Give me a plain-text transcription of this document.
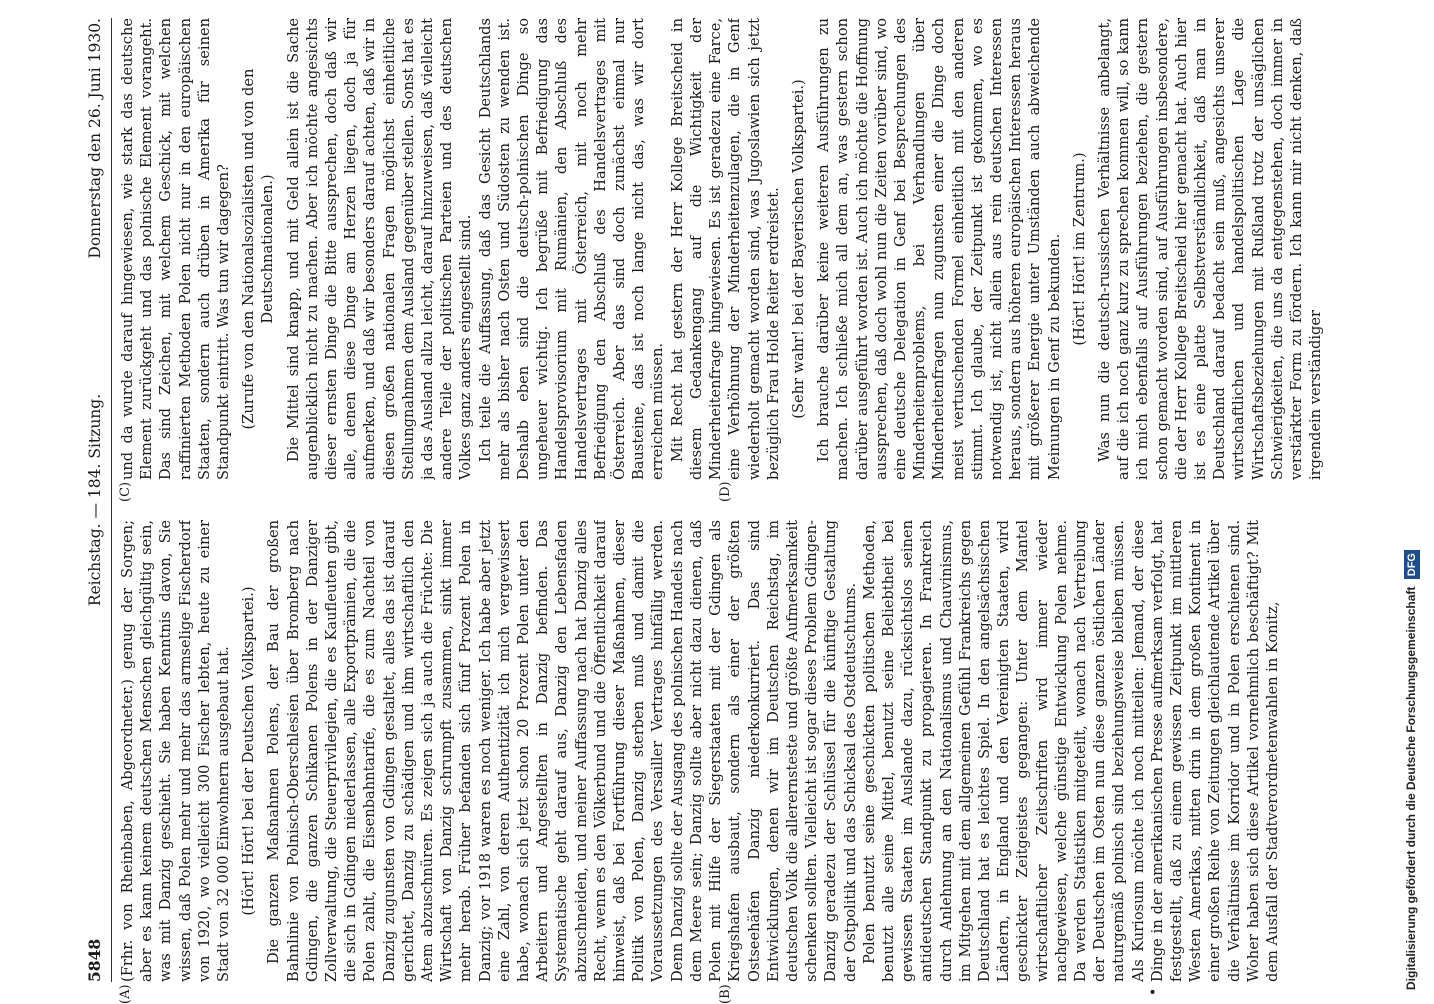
5848
Reichstag. — 184. Sitzung.
Donnerstag den 26. Juni 1930.
(A)	(B)
(C)	(D)
•

(Frhr. von Rheinbaben, Abgeordneter.) genug der Sorgen; aber es kann keinem deutschen Menschen gleichgültig sein, was mit Danzig geschieht. Sie haben Kenntnis davon, Sie wissen, daß Polen mehr und mehr das armselige Fischerdorf von 1920, wo vielleicht 300 Fischer lebten, heute zu einer Stadt von 32 000 Einwohnern ausgebaut hat. (Hört! Hört! bei der Deutschen Volkspartei.) Die ganzen Maßnahmen Polens, der Bau der großen Bahnlinie von Polnisch-Oberschlesien über Bromberg nach Gdingen, die ganzen Schikanen Polens in der Danziger Zollverwaltung, die Steuerprivilegien, die es Kaufleuten gibt, die sich in Gdingen niederlassen, alle Exportprämien, die die Polen zahlt, die Eisenbahntarife, die es zum Nachteil von Danzig zugunsten von Gdingen gestaltet, alles das ist darauf gerichtet, Danzig zu schädigen und ihm wirtschaftlich den Atem abzuschnüren. Es zeigen sich ja auch die Früchte: Die Wirtschaft von Danzig schrumpft zusammen, sinkt immer mehr herab. Früher befanden sich fünf Prozent Polen in Danzig; vor 1918 waren es noch weniger. Ich habe aber jetzt eine Zahl, von deren Authentizität ich mich vergewissert habe, wonach sich jetzt schon 20 Prozent Polen unter den Arbeitern und Angestellten in Danzig befinden. Das Systematische geht darauf aus, Danzig den Lebensfaden abzuschneiden, und meiner Auffassung nach hat Danzig alles Recht, wenn es den Völkerbund und die Öffentlichkeit darauf hinweist, daß bei Fortführung dieser Maßnahmen, dieser Politik von Polen, Danzig sterben muß und damit die Voraussetzungen des Versailler Vertrages hinfällig werden. Denn Danzig sollte der Ausgang des polnischen Handels nach dem Meere sein; Danzig sollte aber nicht dazu dienen, daß Polen mit Hilfe der Siegerstaaten mit der Gdingen als Kriegshafen ausbaut, sondern als einer der größten Ostseehäfen Danzig niederkonkurriert. Das sind Entwicklungen, denen wir im Deutschen Reichstag, im deutschen Volk die allerernsteste und größte Aufmerksamkeit schenken sollten. Vielleicht ist sogar dieses Problem Gdingen-Danzig geradezu der Schlüssel für die künftige Gestaltung der Ostpolitik und das Schicksal des Ostdeutschtums. Polen benutzt seine geschickten politischen Methoden, benutzt alle seine Mittel, benutzt seine Beliebtheit bei gewissen Staaten im Auslande dazu, rücksichtslos seinen antideutschen Standpunkt zu propagieren. In Frankreich durch Anlehnung an den Nationalismus und Chauvinismus, im Mitgehen mit dem allgemeinen Gefühl Frankreichs gegen Deutschland hat es leichtes Spiel. In den angelsächsischen Ländern, in England und den Vereinigten Staaten, wird geschickter Zeitgeistes gegangen: Unter dem Mantel wirtschaftlicher Zeitschriften wird immer wieder nachgewiesen, welche günstige Entwicklung Polen nehme. Da werden Statistiken mitgeteilt, wonach nach Vertreibung der Deutschen im Osten nun diese ganzen östlichen Länder naturgemäß polnisch sind beziehungsweise bleiben müssen. Als Kuriosum möchte ich noch mitteilen: Jemand, der diese Dinge in der amerikanischen Presse aufmerksam verfolgt, hat festgestellt, daß zu einem gewissen Zeitpunkt im mittleren Westen Amerikas, mitten drin in dem großen Kontinent in einer großen Reihe von Zeitungen gleichlautende Artikel über die Verhältnisse im Korridor und in Polen erschienen sind. Woher haben sich diese Artikel vornehmlich beschäftigt? Mit dem Ausfall der Stadtverordnetenwahlen in Konitz,

und da wurde darauf hingewiesen, wie stark das deutsche Element zurückgeht und das polnische Element vorangeht. Das sind Zeichen, mit welchem Geschick, mit welchen raffinierten Methoden Polen nicht nur in den europäischen Staaten, sondern auch drüben in Amerika für seinen Standpunkt eintritt. Was tun wir dagegen? (Zurufe von den Nationalsozialisten und von den Deutschnationalen.) Die Mittel sind knapp, und mit Geld allein ist die Sache augenblicklich nicht zu machen. Aber ich möchte angesichts dieser ernsten Dinge die Bitte aussprechen, doch daß wir alle, denen diese Dinge am Herzen liegen, doch ja für aufmerken, und daß wir besonders darauf achten, daß wir in diesen großen nationalen Fragen möglichst einheitliche Stellungnahmen dem Ausland gegenüber stellen. Sonst hat es ja das Ausland allzu leicht, darauf hinzuweisen, daß vielleicht andere Teile der politischen Parteien und des deutschen Volkes ganz anders eingestellt sind. Ich teile die Auffassung, daß das Gesicht Deutschlands mehr als bisher nach Osten und Südosten zu wenden ist. Deshalb eben sind die deutsch-polnischen Dinge so ungeheuer wichtig. Ich begrüße mit Befriedigung das Handelsprovisorium mit Rumänien, den Abschluß des Handelsvertrages mit Österreich, mit noch mehr Befriedigung den Abschluß des Handelsvertrages mit Österreich. Aber das sind doch zunächst einmal nur Bausteine, das ist noch lange nicht das, was wir dort erreichen müssen. Mit Recht hat gestern der Herr Kollege Breitscheid in diesem Gedankengang auf die Wichtigkeit der Minderheitenfrage hingewiesen. Es ist geradezu eine Farce, eine Verhöhnung der Minderheitenzulagen, die in Genf wiederholt gemacht worden sind, was Jugoslawien sich jetzt bezüglich Frau Holde Reiter erdreistet. (Sehr wahr! bei der Bayerischen Volkspartei.) Ich brauche darüber keine weiteren Ausführungen zu machen. Ich schließe mich all dem an, was gestern schon darüber ausgeführt worden ist. Auch ich möchte die Hoffnung aussprechen, daß doch wohl nun die Zeiten vorüber sind, wo eine deutsche Delegation in Genf bei Besprechungen des Minderheitenproblems, bei Verhandlungen über Minderheitenfragen nun zugunsten einer die Dinge doch meist vertuschenden Formel einheitlich mit den anderen stimmt. Ich glaube, der Zeitpunkt ist gekommen, wo es notwendig ist, nicht allein aus rein deutschen Interessen heraus, sondern aus höheren europäischen Interessen heraus mit größerer Energie unter Umständen auch abweichende Meinungen in Genf zu bekunden. (Hört! Hört! im Zentrum.) Was nun die deutsch-russischen Verhältnisse anbelangt, auf die ich noch ganz kurz zu sprechen kommen will, so kann ich mich ebenfalls auf Ausführungen beziehen, die gestern schon gemacht worden sind, auf Ausführungen insbesondere, die der Herr Kollege Breitscheid hier gemacht hat. Auch hier ist es eine platte Selbstverständlichkeit, daß man in Deutschland darauf bedacht sein muß, angesichts unserer wirtschaftlichen und handelspolitischen Lage die Wirtschaftsbeziehungen mit Rußland trotz der unsäglichen Schwierigkeiten, die uns da entgegenstehen, doch immer in verstärkter Form zu fördern. Ich kann mir nicht denken, daß irgendein verständiger

Digitalisierung gefördert durch die Deutsche Forschungsgemeinschaft DFG
